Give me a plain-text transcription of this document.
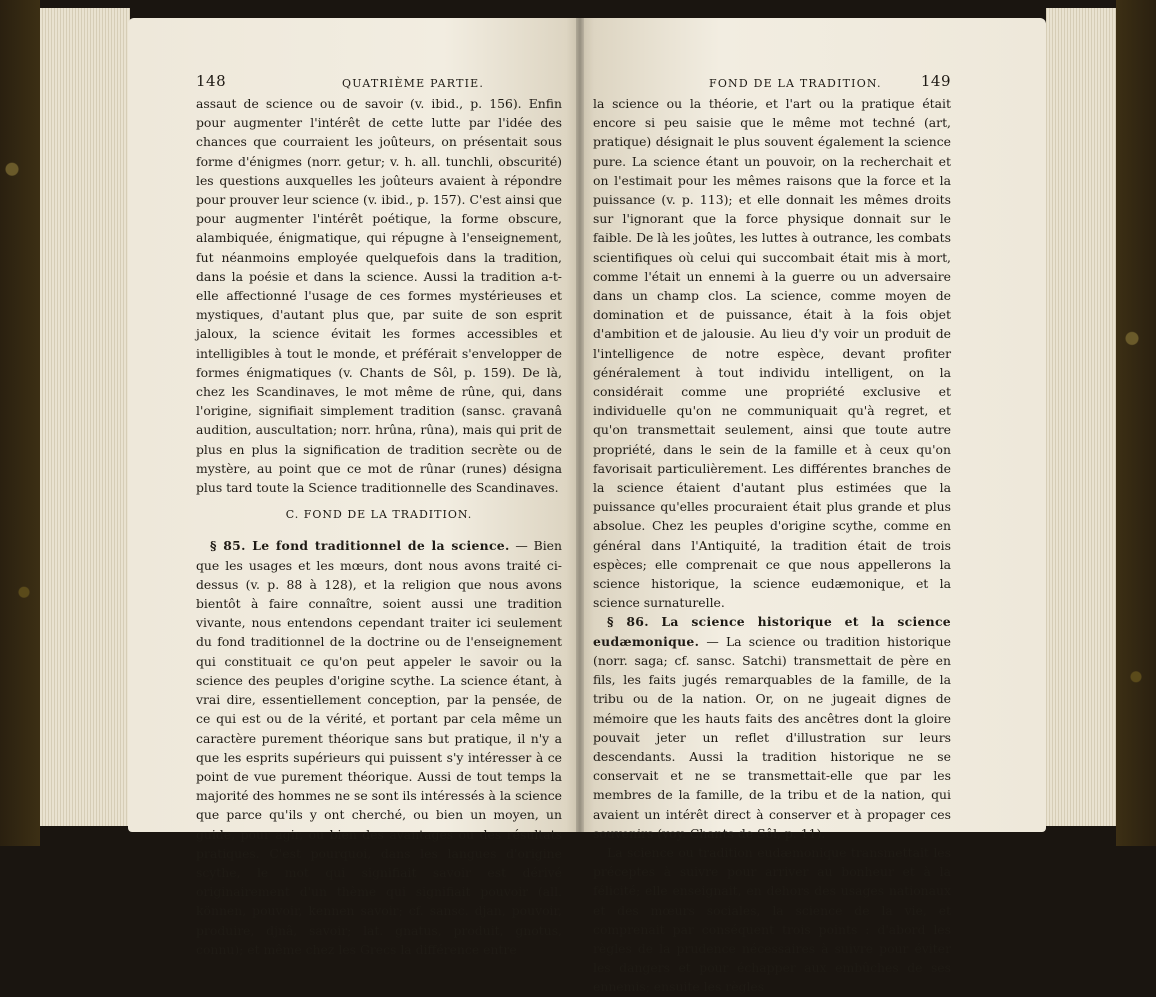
148	QUATRIÈME PARTIE.

assaut de science ou de savoir (v. ibid., p. 156). Enfin pour augmenter l'intérêt de cette lutte par l'idée des chances que courraient les joûteurs, on présentait sous forme d'énigmes (norr. getur; v. h. all. tunchli, obscurité) les questions auxquelles les joûteurs avaient à répondre pour prouver leur science (v. ibid., p. 157). C'est ainsi que pour augmenter l'intérêt poétique, la forme obscure, alambiquée, énigmatique, qui répugne à l'enseignement, fut néanmoins employée quelquefois dans la tradition, dans la poésie et dans la science. Aussi la tradition a-t-elle affectionné l'usage de ces formes mystérieuses et mystiques, d'autant plus que, par suite de son esprit jaloux, la science évitait les formes accessibles et intelligibles à tout le monde, et préférait s'envelopper de formes énigmatiques (v. Chants de Sôl, p. 159). De là, chez les Scandinaves, le mot même de rûne, qui, dans l'origine, signifiait simplement tradition (sansc. çravanâ audition, auscultation; norr. hrûna, rûna), mais qui prit de plus en plus la signification de tradition secrète ou de mystère, au point que ce mot de rûnar (runes) désigna plus tard toute la Science traditionnelle des Scandinaves.

C. FOND DE LA TRADITION.

§ 85. Le fond traditionnel de la science. — Bien que les usages et les mœurs, dont nous avons traité ci-dessus (v. p. 88 à 128), et la religion que nous avons bientôt à faire connaître, soient aussi une tradition vivante, nous entendons cependant traiter ici seulement du fond traditionnel de la doctrine ou de l'enseignement qui constituait ce qu'on peut appeler le savoir ou la science des peuples d'origine scythe. La science étant, à vrai dire, essentiellement conception, par la pensée, de ce qui est ou de la vérité, et portant par cela même un caractère purement théorique sans but pratique, il n'y a que les esprits supérieurs qui puissent s'y intéresser à ce point de vue purement théorique. Aussi de tout temps la majorité des hommes ne se sont ils intéressés à la science que parce qu'ils y ont cherché, ou bien un moyen, un guide, pour agir, ou bien des avantages ou des résultats pratiques. C'est pourquoi, dans les langues d'origine scythe, le mot qui signifiait savoir est dérivé originairement d'un thème qui signifiait pouvoir (all. können, pouvoir, kennen savoir; cf. sansc. djan, pouvoir, produire, djnâ, savoir; lat. gnatus, produit, gnotus, connu); et même chez les Grecs la différence entre

FOND DE LA TRADITION.	149

la science ou la théorie, et l'art ou la pratique était encore si peu saisie que le même mot techné (art, pratique) désignait le plus souvent également la science pure. La science étant un pouvoir, on la recherchait et on l'estimait pour les mêmes raisons que la force et la puissance (v. p. 113); et elle donnait les mêmes droits sur l'ignorant que la force physique donnait sur le faible. De là les joûtes, les luttes à outrance, les combats scientifiques où celui qui succombait était mis à mort, comme l'était un ennemi à la guerre ou un adversaire dans un champ clos. La science, comme moyen de domination et de puissance, était à la fois objet d'ambition et de jalousie. Au lieu d'y voir un produit de l'intelligence de notre espèce, devant profiter généralement à tout individu intelligent, on la considérait comme une propriété exclusive et individuelle qu'on ne communiquait qu'à regret, et qu'on transmettait seulement, ainsi que toute autre propriété, dans le sein de la famille et à ceux qu'on favorisait particulièrement. Les différentes branches de la science étaient d'autant plus estimées que la puissance qu'elles procuraient était plus grande et plus absolue. Chez les peuples d'origine scythe, comme en général dans l'Antiquité, la tradition était de trois espèces; elle comprenait ce que nous appellerons la science historique, la science eudæmonique, et la science surnaturelle.

§ 86. La science historique et la science eudæmonique. — La science ou tradition historique (norr. saga; cf. sansc. Satchi) transmettait de père en fils, les faits jugés remarquables de la famille, de la tribu ou de la nation. Or, on ne jugeait dignes de mémoire que les hauts faits des ancêtres dont la gloire pouvait jeter un reflet d'illustration sur leurs descendants. Aussi la tradition historique ne se conservait et ne se transmettait-elle que par les membres de la famille, de la tribu et de la nation, qui avaient un intérêt direct à conserver et à propager ces souvenirs (voy. Chants de Sôl, p. 11).

La science ou tradition eudæmonique transmettait les préceptes à suivre pour arriver au bonheur et à la félicité; elle enseignait, en dehors des usages nationaux et des mœurs sociales, la science de la vie, et comprenait par conséquent trois points : d'abord les règles de la prudence nécessaires à suivre pour éviter les dangers et pour échapper aux embûches de ses ennemis; ensuite les règles
